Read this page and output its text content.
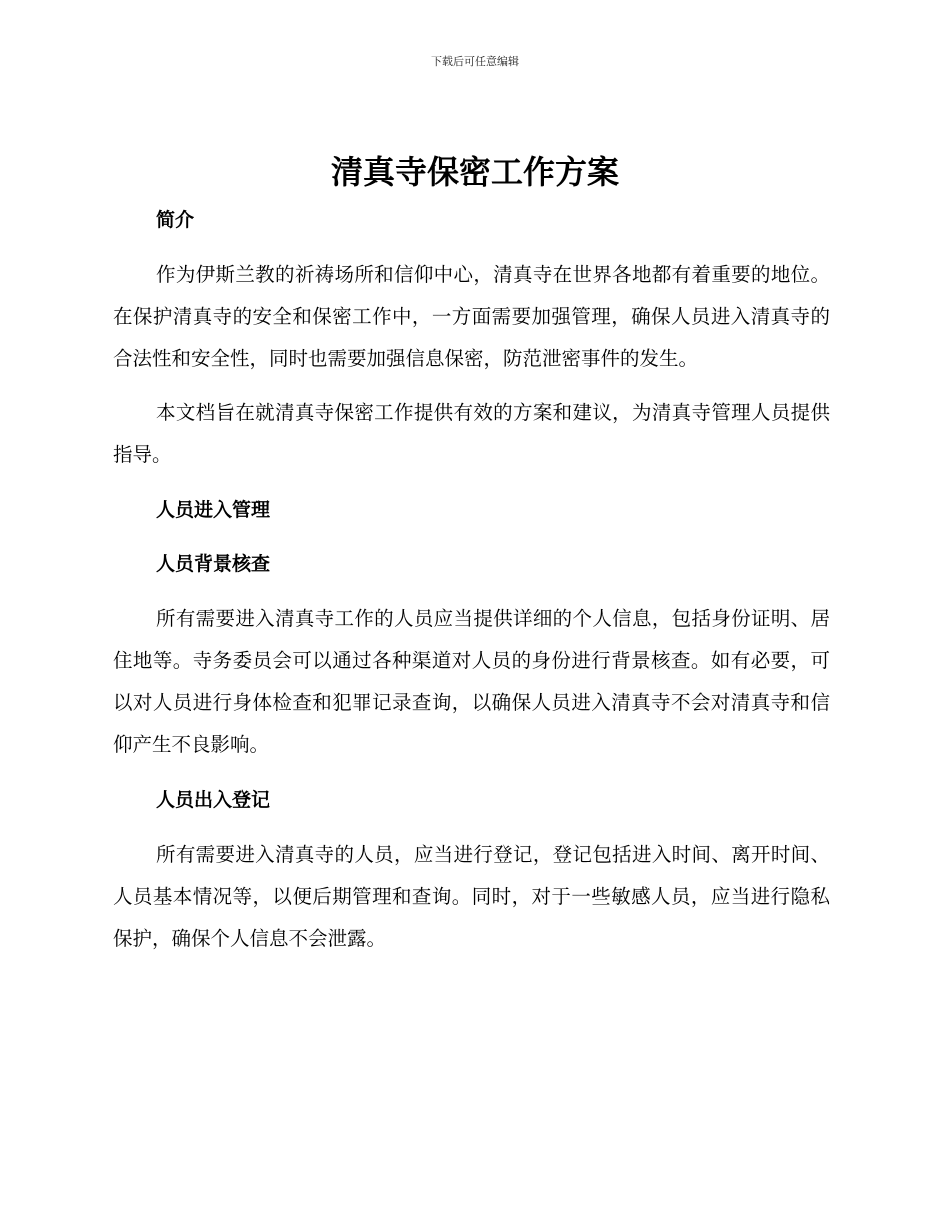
下载后可任意编辑
清真寺保密工作方案
简介

作为伊斯兰教的祈祷场所和信仰中心，清真寺在世界各地都有着重要的地位。在保护清真寺的安全和保密工作中，一方面需要加强管理，确保人员进入清真寺的合法性和安全性，同时也需要加强信息保密，防范泄密事件的发生。

本文档旨在就清真寺保密工作提供有效的方案和建议，为清真寺管理人员提供指导。

人员进入管理
人员背景核查

所有需要进入清真寺工作的人员应当提供详细的个人信息，包括身份证明、居住地等。寺务委员会可以通过各种渠道对人员的身份进行背景核查。如有必要，可以对人员进行身体检查和犯罪记录查询，以确保人员进入清真寺不会对清真寺和信仰产生不良影响。

人员出入登记

所有需要进入清真寺的人员，应当进行登记，登记包括进入时间、离开时间、人员基本情况等，以便后期管理和查询。同时，对于一些敏感人员，应当进行隐私保护，确保个人信息不会泄露。
